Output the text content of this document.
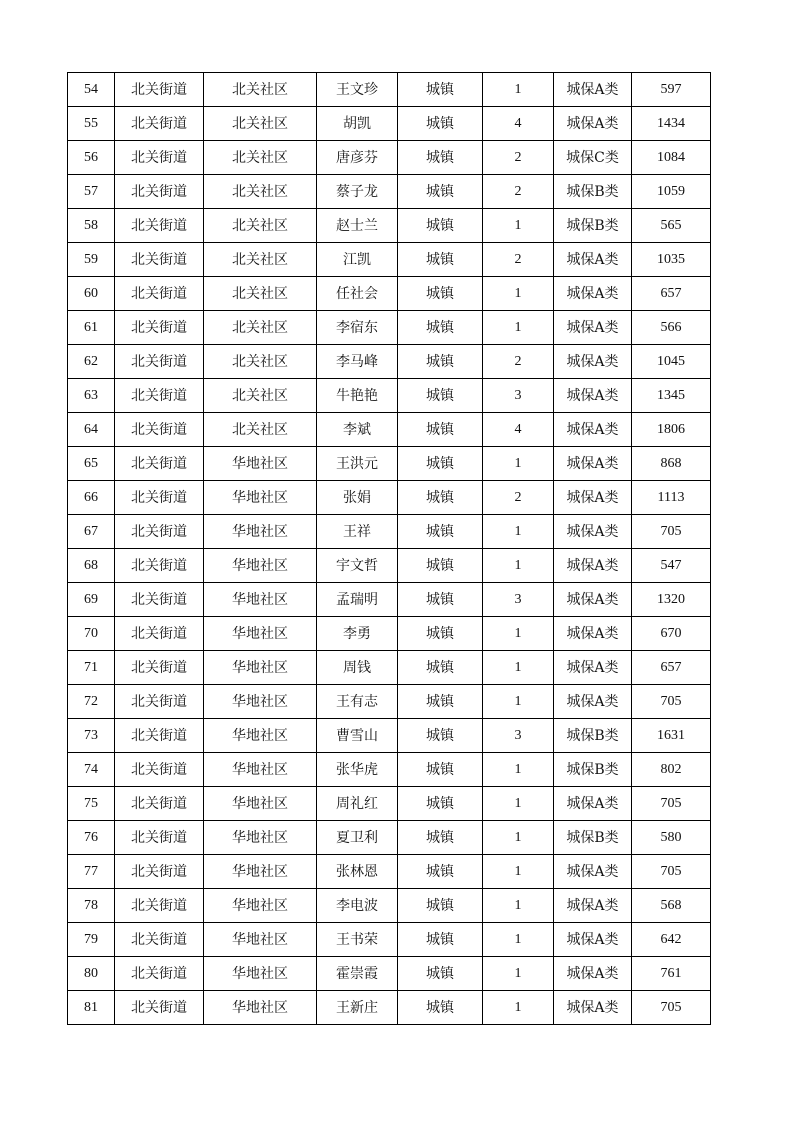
54	北关街道	北关社区	王文珍	城镇	1	城保A类	597
55	北关街道	北关社区	胡凯	城镇	4	城保A类	1434
56	北关街道	北关社区	唐彦芬	城镇	2	城保C类	1084
57	北关街道	北关社区	蔡子龙	城镇	2	城保B类	1059
58	北关街道	北关社区	赵士兰	城镇	1	城保B类	565
59	北关街道	北关社区	江凯	城镇	2	城保A类	1035
60	北关街道	北关社区	任社会	城镇	1	城保A类	657
61	北关街道	北关社区	李宿东	城镇	1	城保A类	566
62	北关街道	北关社区	李马峰	城镇	2	城保A类	1045
63	北关街道	北关社区	牛艳艳	城镇	3	城保A类	1345
64	北关街道	北关社区	李斌	城镇	4	城保A类	1806
65	北关街道	华地社区	王洪元	城镇	1	城保A类	868
66	北关街道	华地社区	张娟	城镇	2	城保A类	1113
67	北关街道	华地社区	王祥	城镇	1	城保A类	705
68	北关街道	华地社区	宇文哲	城镇	1	城保A类	547
69	北关街道	华地社区	孟瑞明	城镇	3	城保A类	1320
70	北关街道	华地社区	李勇	城镇	1	城保A类	670
71	北关街道	华地社区	周钱	城镇	1	城保A类	657
72	北关街道	华地社区	王有志	城镇	1	城保A类	705
73	北关街道	华地社区	曹雪山	城镇	3	城保B类	1631
74	北关街道	华地社区	张华虎	城镇	1	城保B类	802
75	北关街道	华地社区	周礼红	城镇	1	城保A类	705
76	北关街道	华地社区	夏卫利	城镇	1	城保B类	580
77	北关街道	华地社区	张林恩	城镇	1	城保A类	705
78	北关街道	华地社区	李电波	城镇	1	城保A类	568
79	北关街道	华地社区	王书荣	城镇	1	城保A类	642
80	北关街道	华地社区	霍崇霞	城镇	1	城保A类	761
81	北关街道	华地社区	王新庄	城镇	1	城保A类	705
